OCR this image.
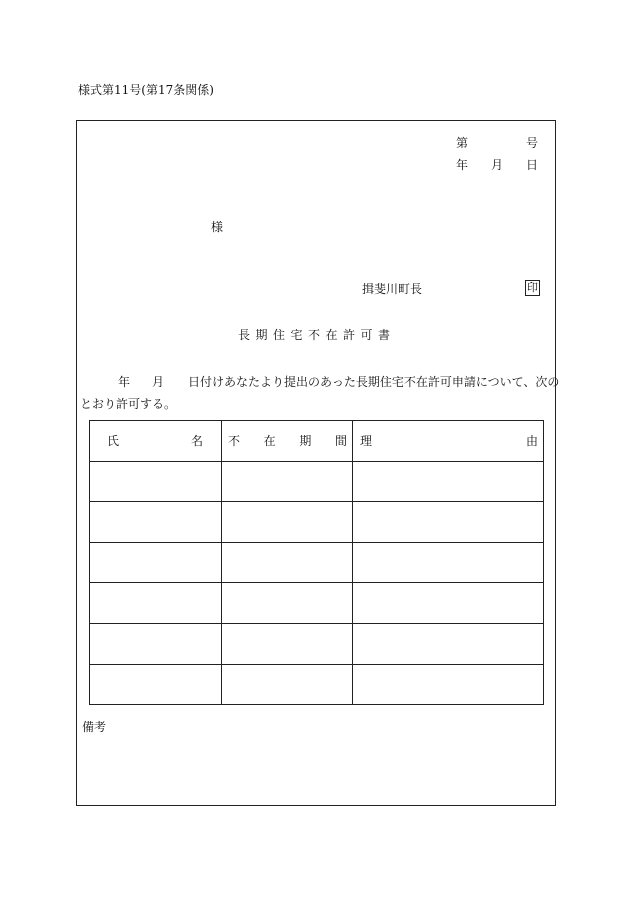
様式第11号(第17条関係)
第	号
年 月 日
様
揖斐川町長	印
長期住宅不在許可書
年 月 日付けあなたより提出のあった長期住宅不在許可申請について、次の
とおり許可する。
氏 名	不 在 期 間	理 由

備考
